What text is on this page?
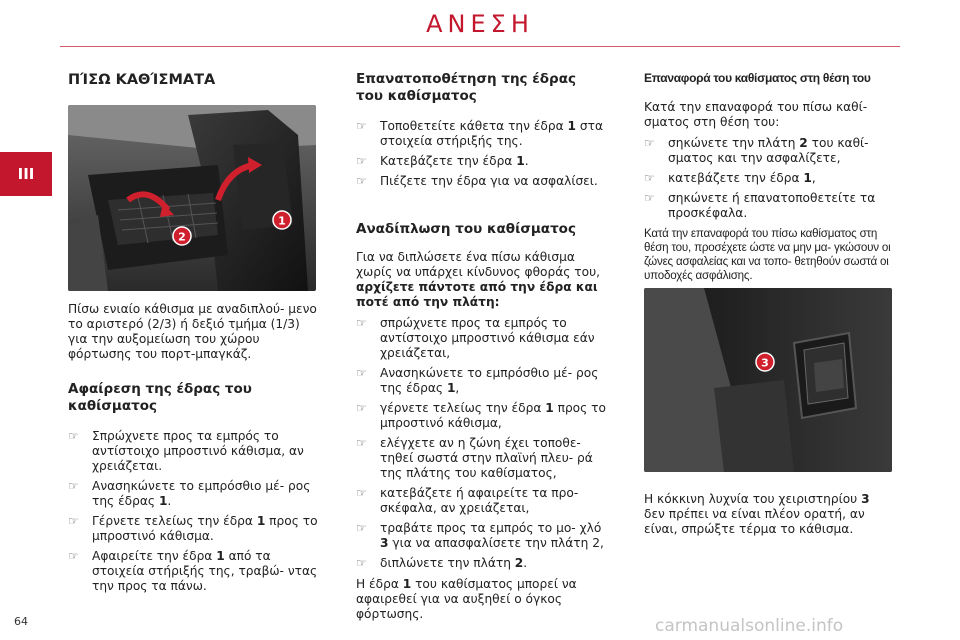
ΑΝΕΣΗ
III
64
ΠΊΣΩ ΚΑΘΊΣΜΑΤΑ
1
2

Πίσω ενιαίο κάθισμα με αναδιπλού- μενο το αριστερό (2/3) ή δεξιό τμήμα (1/3) για την αυξομείωση του χώρου φόρτωσης του πορτ-μπαγκάζ.

Αφαίρεση της έδρας του καθίσματος
☞	Σπρώχνετε προς τα εμπρός το αντίστοιχο μπροστινό κάθισμα, αν χρειάζεται.
☞	Ανασηκώνετε το εμπρόσθιο μέ- ρος της έδρας 1.
☞	Γέρνετε τελείως την έδρα 1 προς το μπροστινό κάθισμα.
☞	Αφαιρείτε την έδρα 1 από τα στοιχεία στήριξής της, τραβώ- ντας την προς τα πάνω.
Επανατοποθέτηση της έδρας του καθίσματος
☞	Τοποθετείτε κάθετα την έδρα 1 στα στοιχεία στήριξής της.
☞	Κατεβάζετε την έδρα 1.
☞	Πιέζετε την έδρα για να ασφαλίσει.
Αναδίπλωση του καθίσματος

Για να διπλώσετε ένα πίσω κάθισμα χωρίς να υπάρχει κίνδυνος φθοράς του, αρχίζετε πάντοτε από την έδρα και ποτέ από την πλάτη:

☞	σπρώχνετε προς τα εμπρός το αντίστοιχο μπροστινό κάθισμα εάν χρειάζεται,
☞	Ανασηκώνετε το εμπρόσθιο μέ- ρος της έδρας 1,
☞	γέρνετε τελείως την έδρα 1 προς το μπροστινό κάθισμα,
☞	ελέγχετε αν η ζώνη έχει τοποθε- τηθεί σωστά στην πλαϊνή πλευ- ρά της πλάτης του καθίσματος,
☞	κατεβάζετε ή αφαιρείτε τα προ- σκέφαλα, αν χρειάζεται,
☞	τραβάτε προς τα εμπρός το μο- χλό 3 για να απασφαλίσετε την πλάτη 2,
☞	διπλώνετε την πλάτη 2.

Η έδρα 1 του καθίσματος μπορεί να αφαιρεθεί για να αυξηθεί ο όγκος φόρτωσης.

Επαναφορά του καθίσματος στη θέση του

Κατά την επαναφορά του πίσω καθί- σματος στη θέση του:

☞	σηκώνετε την πλάτη 2 του καθί- σματος και την ασφαλίζετε,
☞	κατεβάζετε την έδρα 1,
☞	σηκώνετε ή επανατοποθετείτε τα προσκέφαλα.
Κατά την επαναφορά του πίσω καθίσματος στη θέση του, προσέχετε ώστε να μην μα- γκώσουν οι ζώνες ασφαλείας και να τοπο- θετηθούν σωστά οι υποδοχές ασφάλισης.
3

Η κόκκινη λυχνία του χειριστηρίου 3 δεν πρέπει να είναι πλέον ορατή, αν είναι, σπρώξτε τέρμα το κάθισμα.

carmanualsonline.info
